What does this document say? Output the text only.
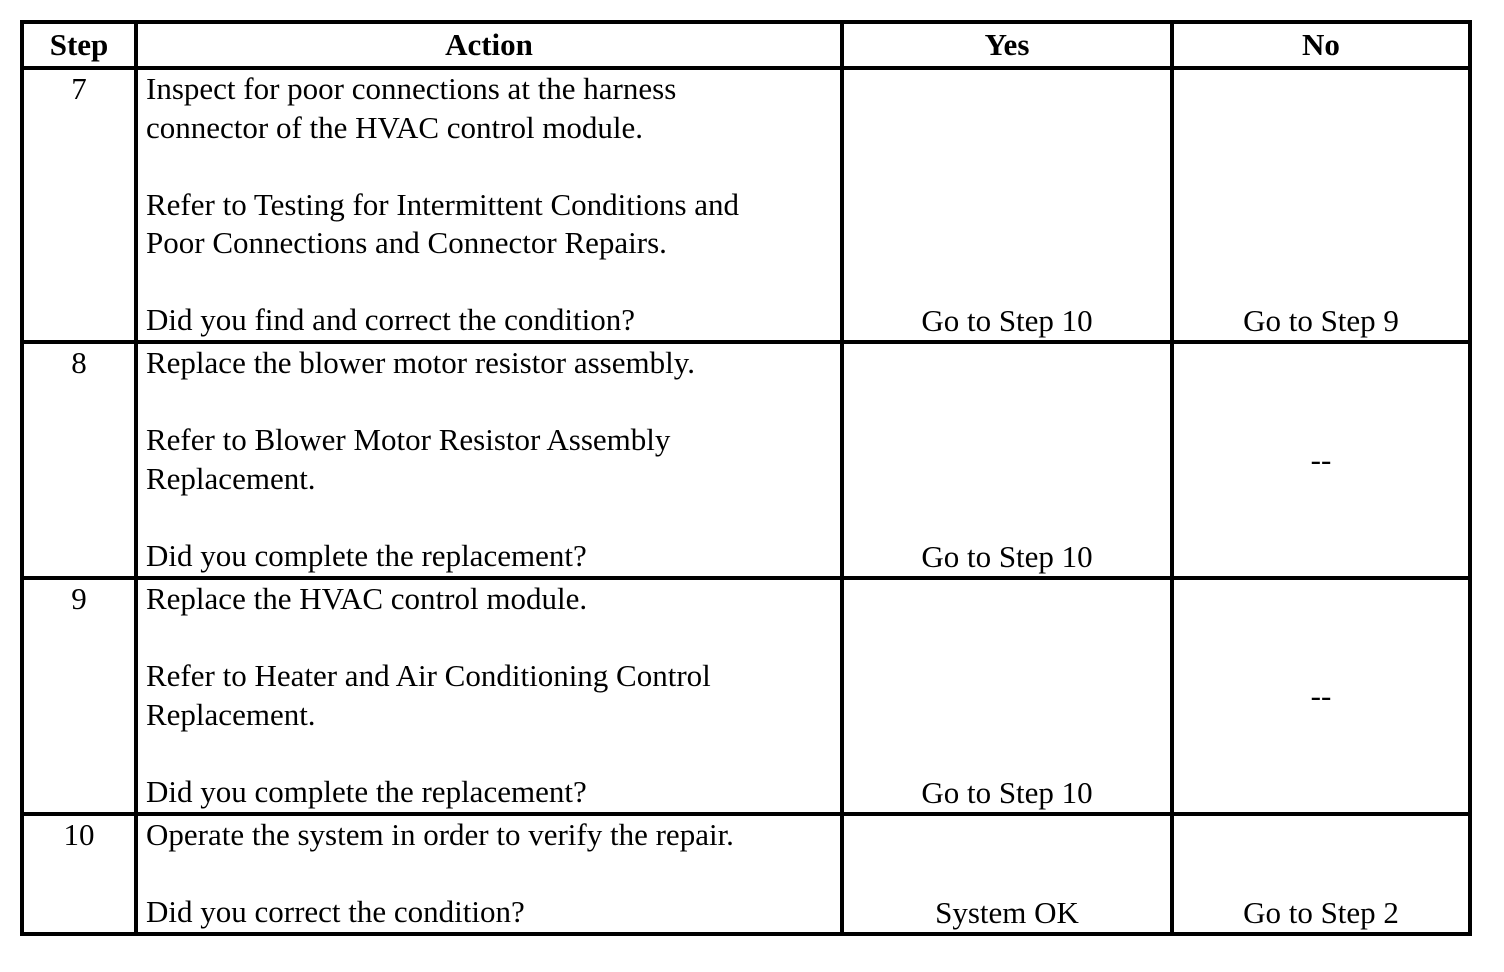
Step	Action	Yes	No
7	Inspect for poor connections at the harness
connector of the HVAC control module.
Refer to Testing for Intermittent Conditions and
Poor Connections and Connector Repairs.
Did you find and correct the condition?	Go to Step 10	Go to Step 9

8	Replace the blower motor resistor assembly.
Refer to Blower Motor Resistor Assembly
Replacement.
Did you complete the replacement?	Go to Step 10	--

9	Replace the HVAC control module.
Refer to Heater and Air Conditioning Control
Replacement.
Did you complete the replacement?	Go to Step 10	--

10	Operate the system in order to verify the repair.
Did you correct the condition?	System OK	Go to Step 2
